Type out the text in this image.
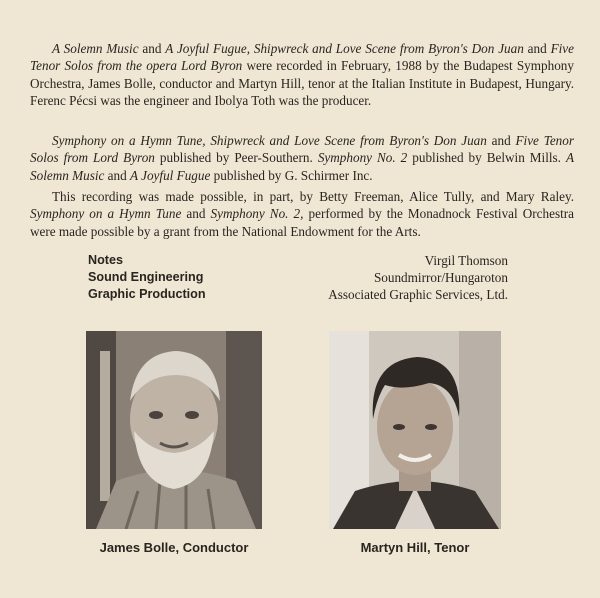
A Solemn Music and A Joyful Fugue, Shipwreck and Love Scene from Byron's Don Juan and Five Tenor Solos from the opera Lord Byron were recorded in February, 1988 by the Budapest Symphony Orchestra, James Bolle, conductor and Martyn Hill, tenor at the Italian Institute in Budapest, Hungary. Ferenc Pécsi was the engineer and Ibolya Toth was the producer.

Symphony on a Hymn Tune, Shipwreck and Love Scene from Byron's Don Juan and Five Tenor Solos from Lord Byron published by Peer-Southern. Symphony No. 2 published by Belwin Mills. A Solemn Music and A Joyful Fugue published by G. Schirmer Inc.

This recording was made possible, in part, by Betty Freeman, Alice Tully, and Mary Raley. Symphony on a Hymn Tune and Symphony No. 2, performed by the Monadnock Festival Orchestra were made possible by a grant from the National Endowment for the Arts.

Notes	Virgil Thomson
Sound Engineering	Soundmirror/Hungaroton
Graphic Production	Associated Graphic Services, Ltd.
James Bolle, Conductor	Martyn Hill, Tenor
